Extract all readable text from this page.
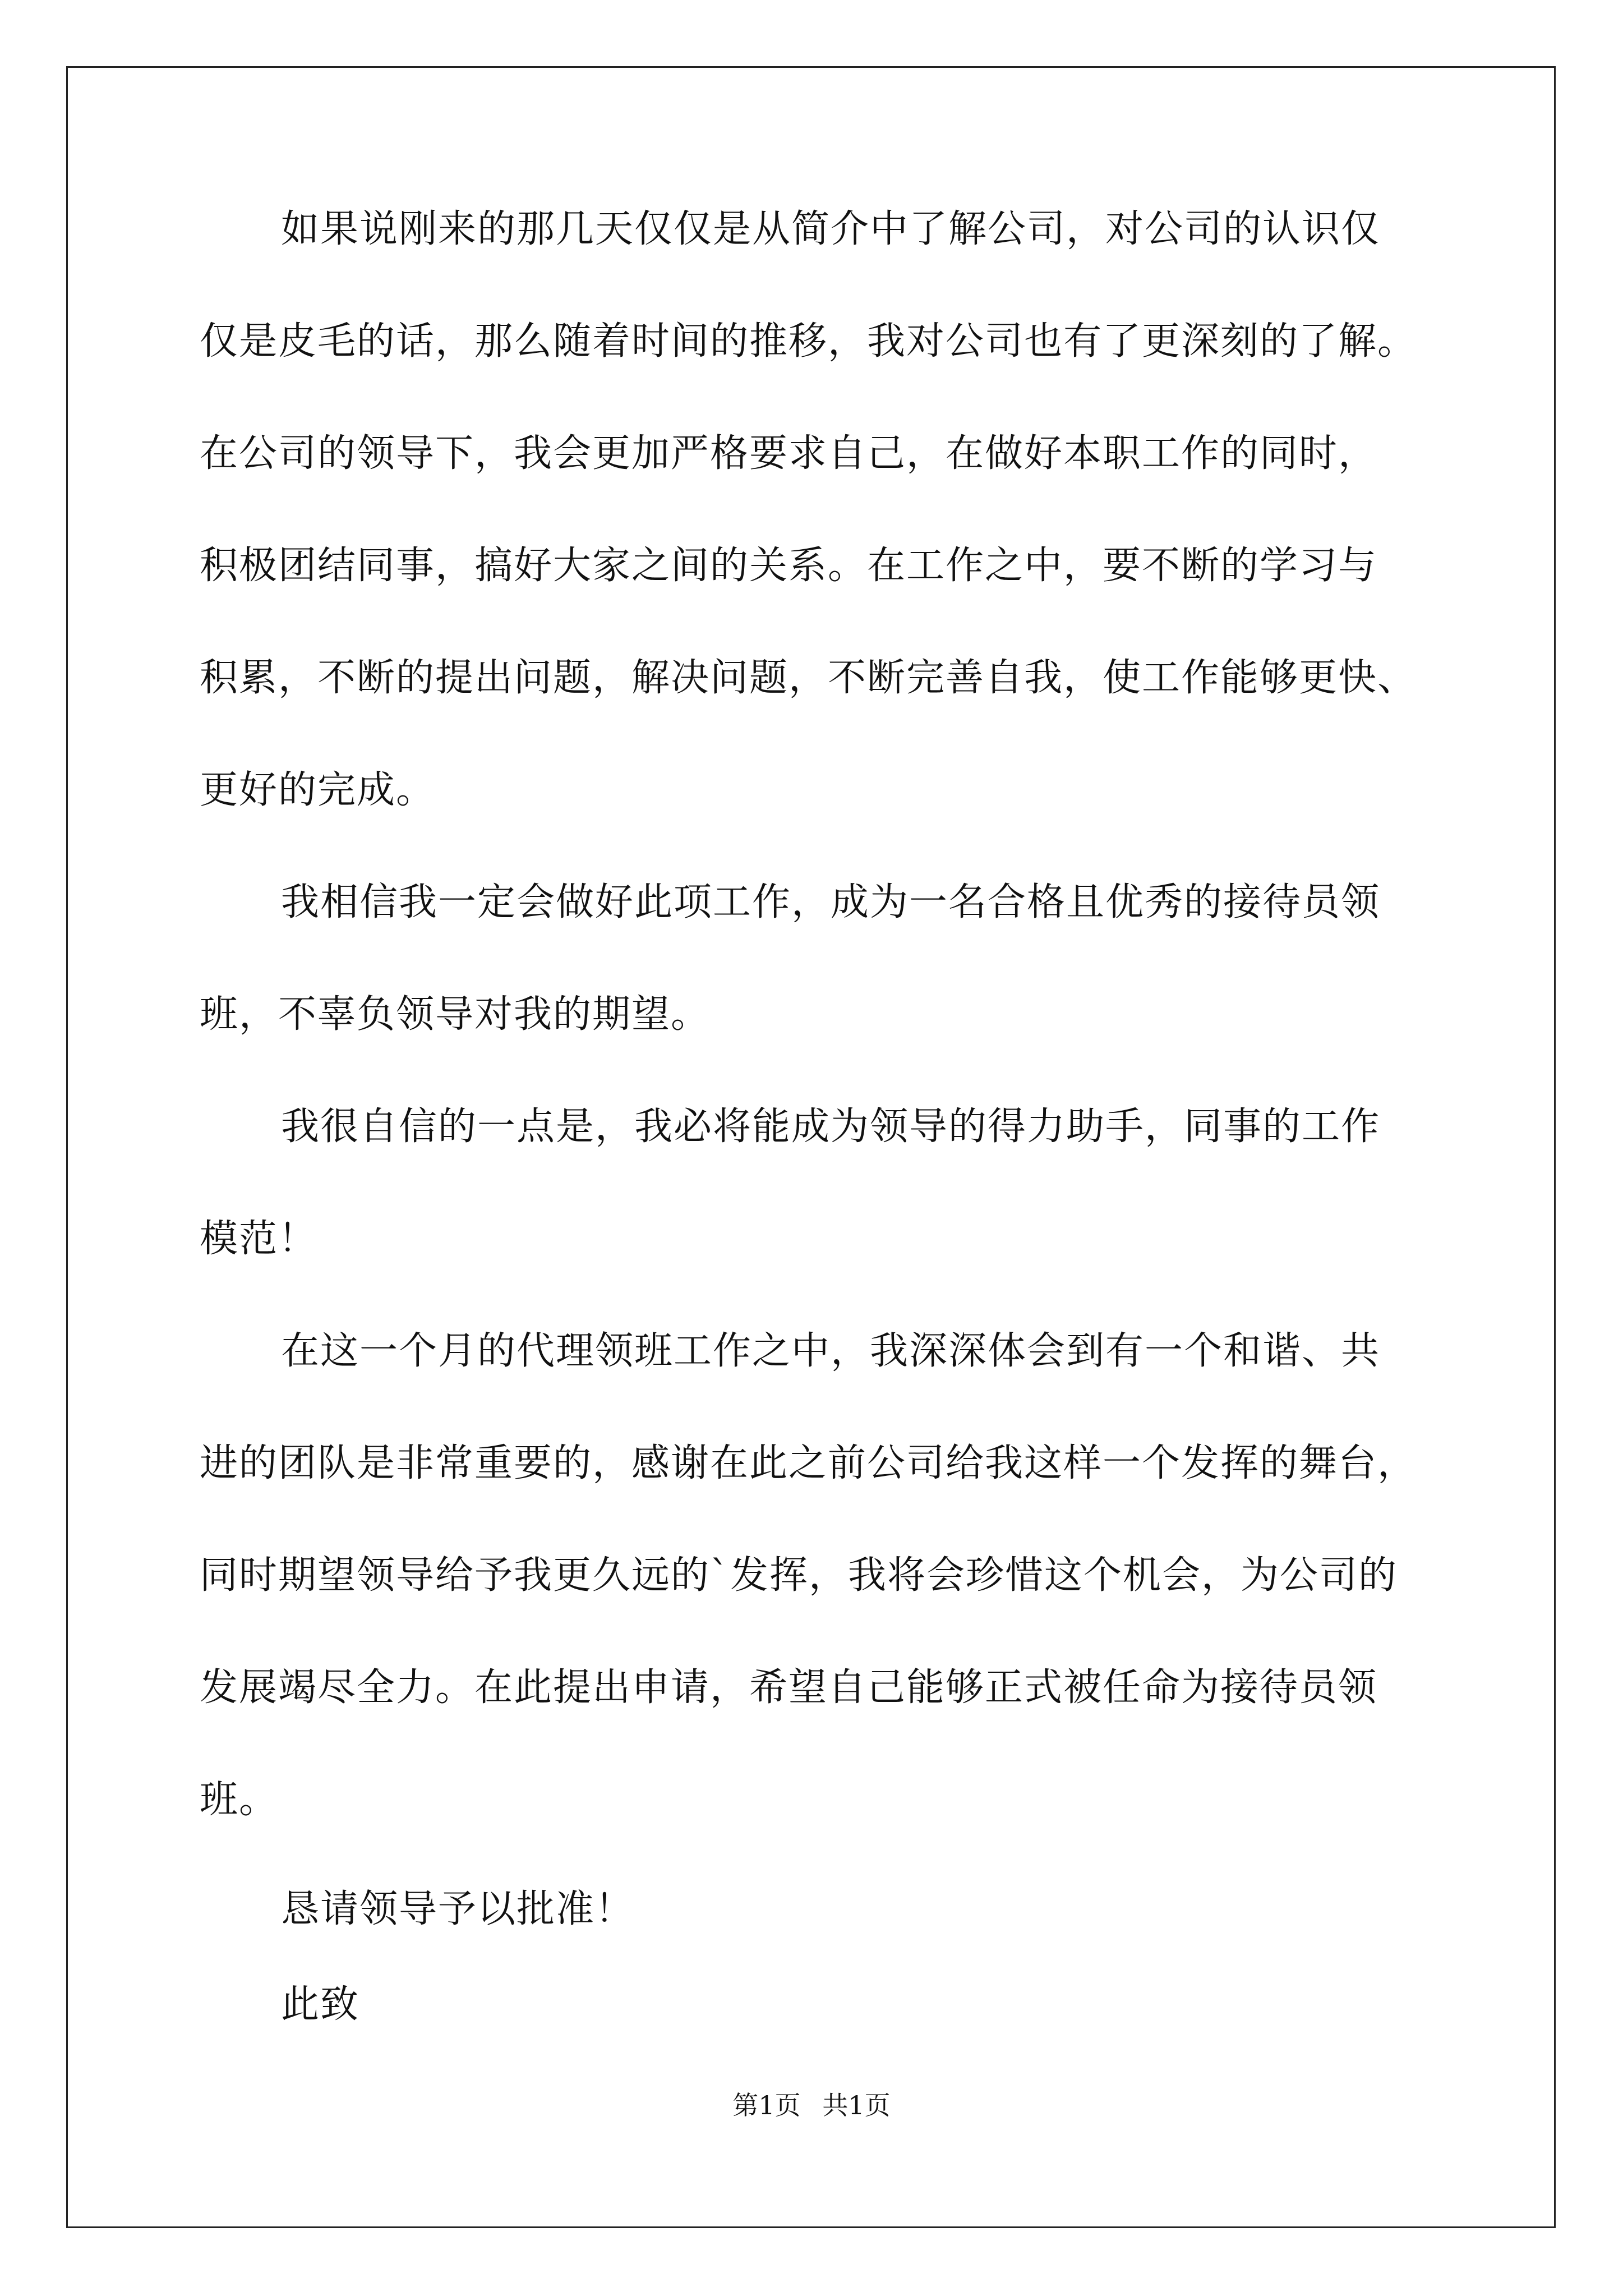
如果说刚来的那几天仅仅是从简介中了解公司，对公司的认识仅
仅是皮毛的话，那么随着时间的推移，我对公司也有了更深刻的了解。
在公司的领导下，我会更加严格要求自己，在做好本职工作的同时，
积极团结同事，搞好大家之间的关系。在工作之中，要不断的学习与
积累，不断的提出问题，解决问题，不断完善自我，使工作能够更快、
更好的完成。
我相信我一定会做好此项工作，成为一名合格且优秀的接待员领
班，不辜负领导对我的期望。
我很自信的一点是，我必将能成为领导的得力助手，同事的工作
模范！
在这一个月的代理领班工作之中，我深深体会到有一个和谐、共
进的团队是非常重要的，感谢在此之前公司给我这样一个发挥的舞台，
同时期望领导给予我更久远的`发挥，我将会珍惜这个机会，为公司的
发展竭尽全力。在此提出申请，希望自己能够正式被任命为接待员领
班。
恳请领导予以批准！
此致
第1页 共1页
